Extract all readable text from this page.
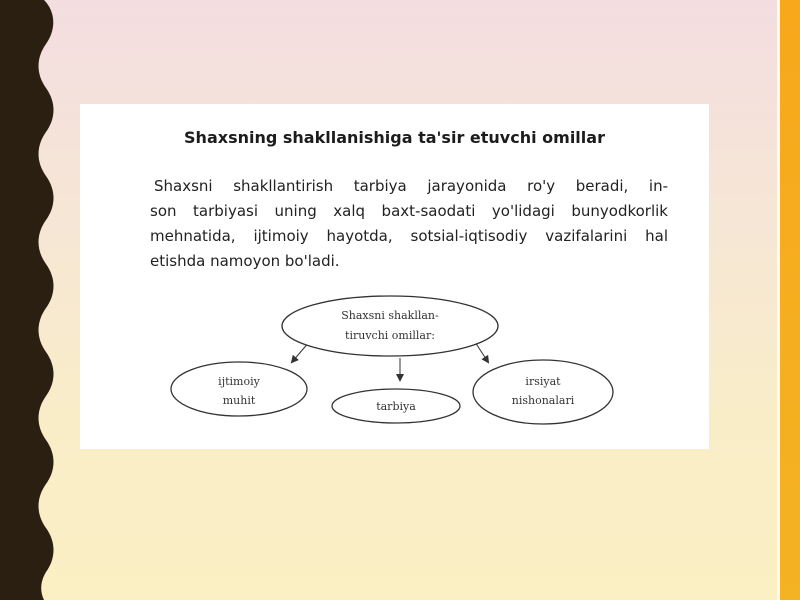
Shaxsning shakllanishiga ta'sir etuvchi omillar

Shaxsni shakllantirish tarbiya jarayonida ro'y beradi, in-
son tarbiyasi uning xalq baxt-saodati yo'lidagi bunyodkorlik
mehnatida, ijtimoiy hayotda, sotsial-iqtisodiy vazifalarini hal
etishda namoyon bo'ladi.

Shaxsni shakllan-
tiruvchi omillar:
ijtimoiy
muhit	tarbiya
irsiyat
nishonalari
